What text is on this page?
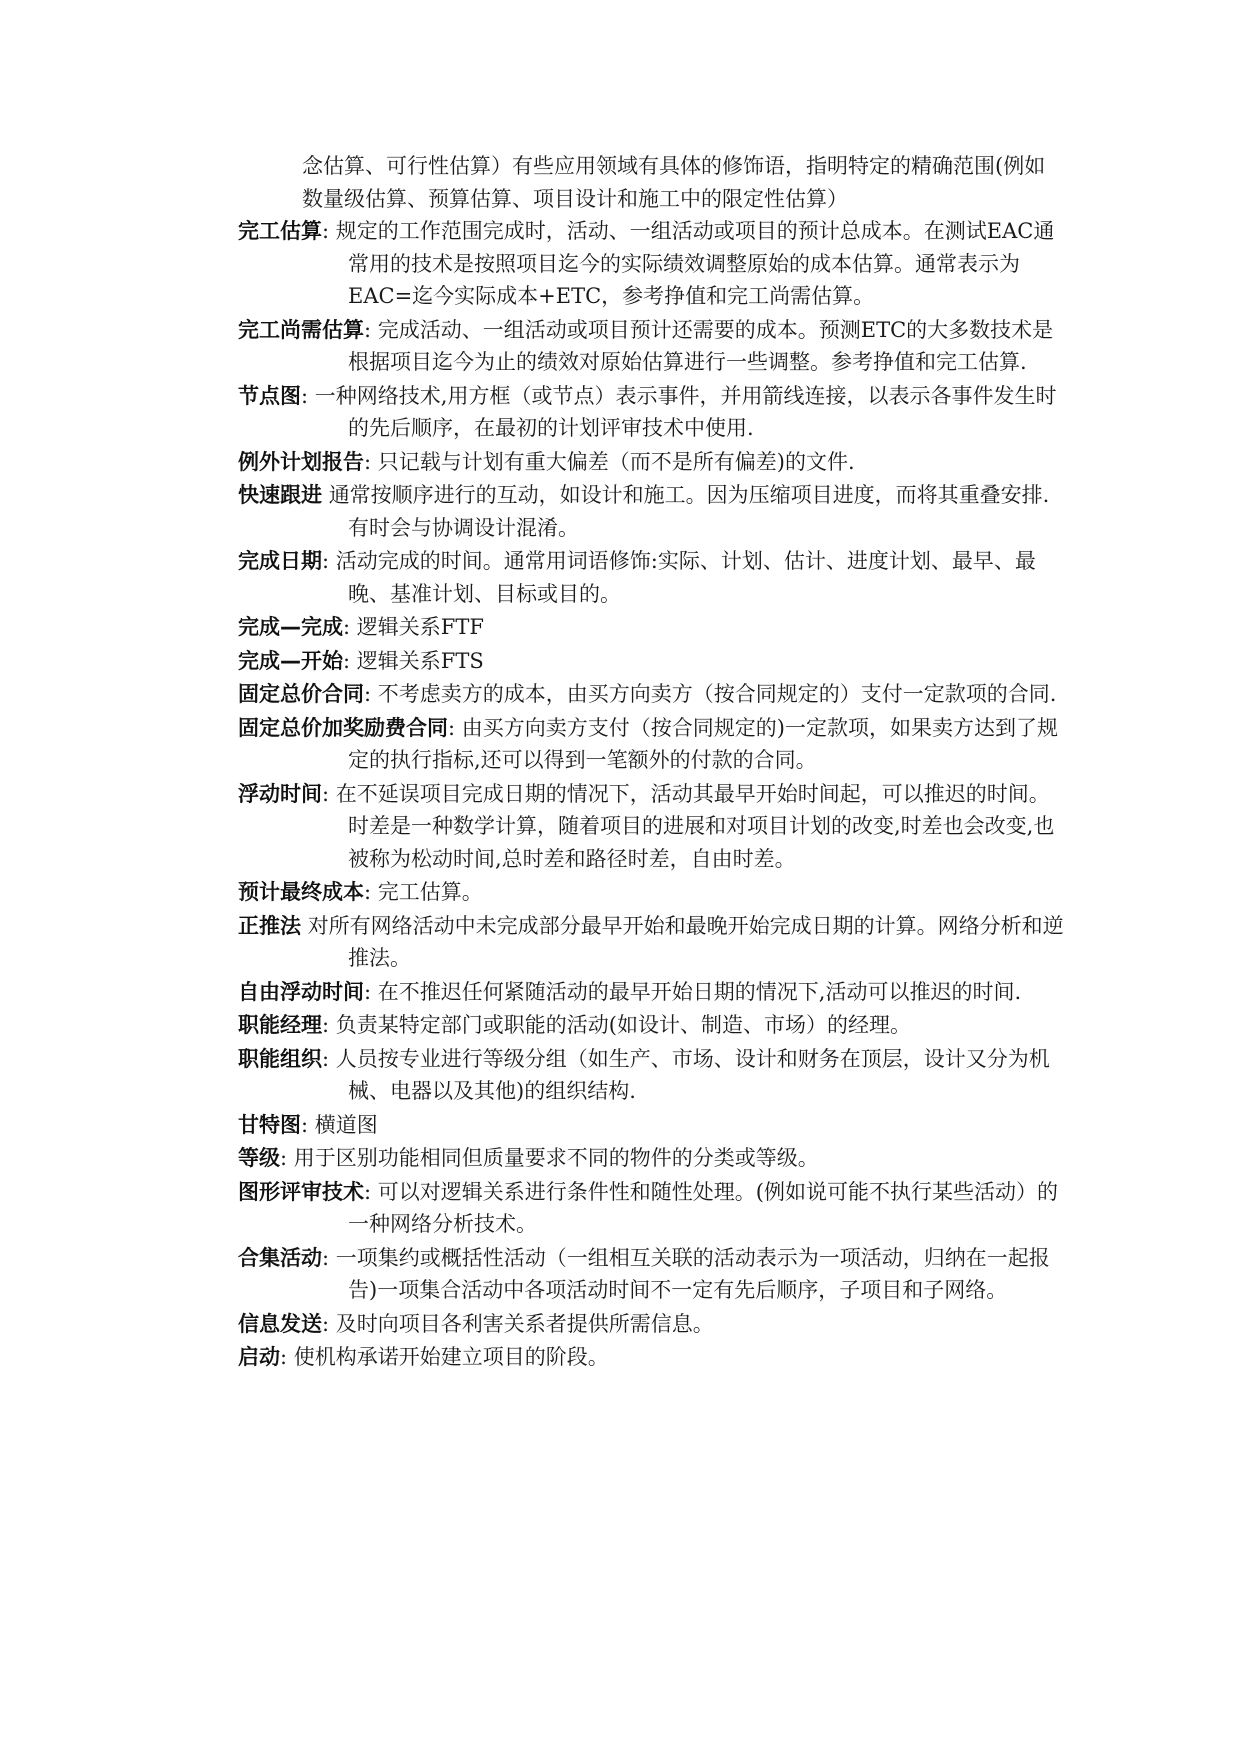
念估算、可行性估算）有些应用领域有具体的修饰语，指明特定的精确范围(例如数量级估算、预算估算、项目设计和施工中的限定性估算）
完工估算: 规定的工作范围完成时，活动、一组活动或项目的预计总成本。在测试EAC通常用的技术是按照项目迄今的实际绩效调整原始的成本估算。通常表示为EAC=迄今实际成本+ETC，参考挣值和完工尚需估算。
完工尚需估算: 完成活动、一组活动或项目预计还需要的成本。预测ETC的大多数技术是根据项目迄今为止的绩效对原始估算进行一些调整。参考挣值和完工估算.
节点图: 一种网络技术,用方框（或节点）表示事件，并用箭线连接，以表示各事件发生时的先后顺序，在最初的计划评审技术中使用.
例外计划报告: 只记载与计划有重大偏差（而不是所有偏差)的文件.
快速跟进 通常按顺序进行的互动，如设计和施工。因为压缩项目进度，而将其重叠安排.有时会与协调设计混淆。
完成日期: 活动完成的时间。通常用词语修饰:实际、计划、估计、进度计划、最早、最晚、基准计划、目标或目的。
完成—完成: 逻辑关系FTF
完成—开始: 逻辑关系FTS
固定总价合同: 不考虑卖方的成本，由买方向卖方（按合同规定的）支付一定款项的合同.
固定总价加奖励费合同: 由买方向卖方支付（按合同规定的)一定款项，如果卖方达到了规定的执行指标,还可以得到一笔额外的付款的合同。
浮动时间: 在不延误项目完成日期的情况下，活动其最早开始时间起，可以推迟的时间。时差是一种数学计算，随着项目的进展和对项目计划的改变,时差也会改变,也被称为松动时间,总时差和路径时差，自由时差。
预计最终成本: 完工估算。
正推法 对所有网络活动中未完成部分最早开始和最晚开始完成日期的计算。网络分析和逆推法。
自由浮动时间: 在不推迟任何紧随活动的最早开始日期的情况下,活动可以推迟的时间.
职能经理: 负责某特定部门或职能的活动(如设计、制造、市场）的经理。
职能组织: 人员按专业进行等级分组（如生产、市场、设计和财务在顶层，设计又分为机械、电器以及其他)的组织结构.
甘特图: 横道图
等级: 用于区别功能相同但质量要求不同的物件的分类或等级。
图形评审技术: 可以对逻辑关系进行条件性和随性处理。(例如说可能不执行某些活动）的一种网络分析技术。
合集活动: 一项集约或概括性活动（一组相互关联的活动表示为一项活动，归纳在一起报告)一项集合活动中各项活动时间不一定有先后顺序，子项目和子网络。
信息发送: 及时向项目各利害关系者提供所需信息。
启动: 使机构承诺开始建立项目的阶段。
